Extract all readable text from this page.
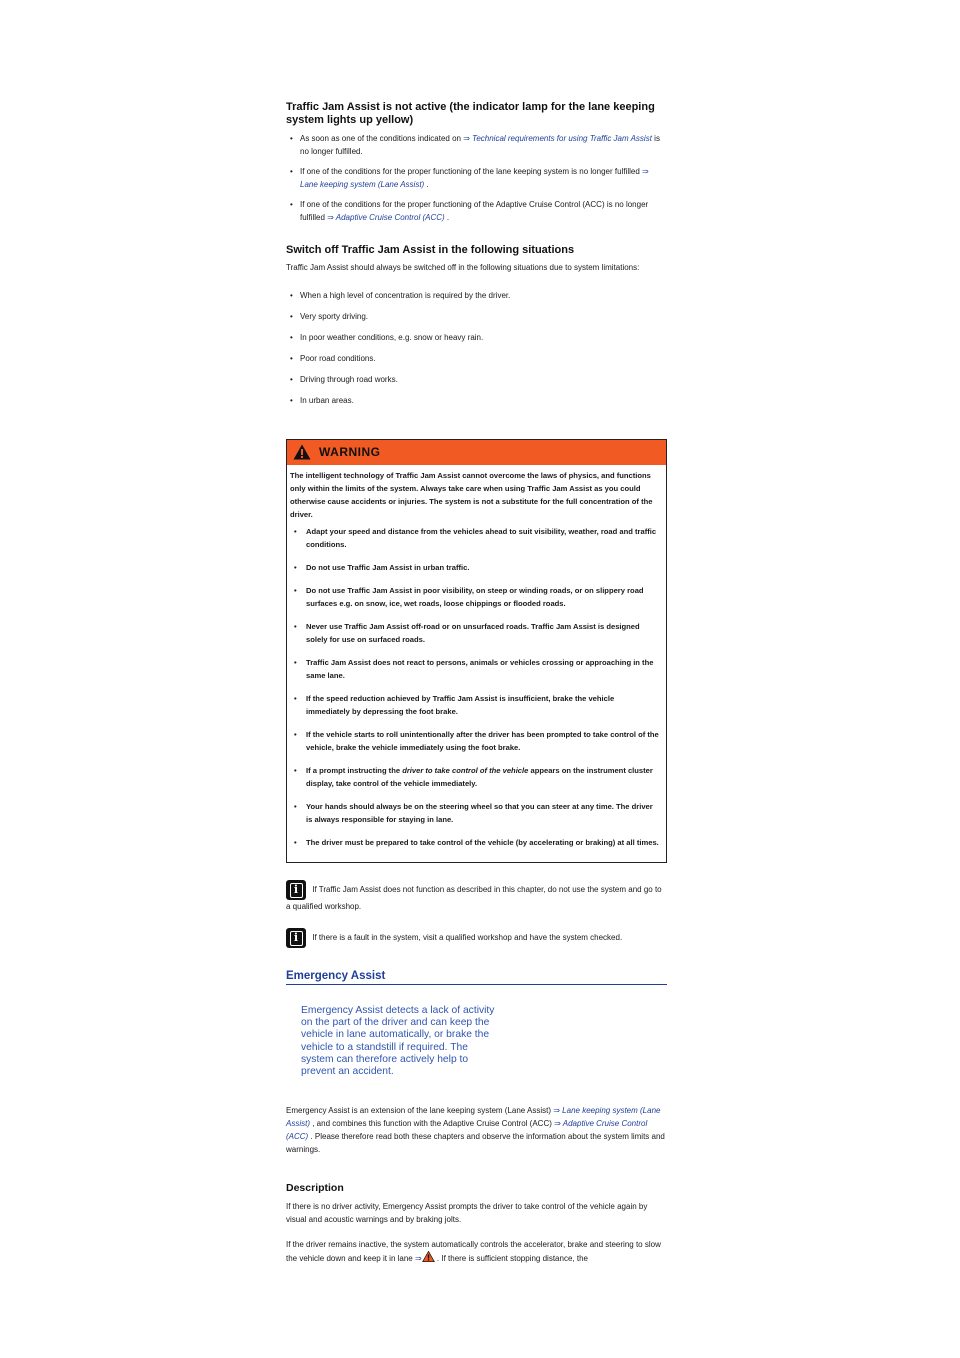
Traffic Jam Assist is not active (the indicator lamp for the lane keeping system lights up yellow)
• As soon as one of the conditions indicated on ⇒ Technical requirements for using Traffic Jam Assist is no longer fulfilled.
• If one of the conditions for the proper functioning of the lane keeping system is no longer fulfilled ⇒ Lane keeping system (Lane Assist) .
• If one of the conditions for the proper functioning of the Adaptive Cruise Control (ACC) is no longer fulfilled ⇒ Adaptive Cruise Control (ACC) .
Switch off Traffic Jam Assist in the following situations

Traffic Jam Assist should always be switched off in the following situations due to system limitations:

• When a high level of concentration is required by the driver.
• Very sporty driving.
• In poor weather conditions, e.g. snow or heavy rain.
• Poor road conditions.
• Driving through road works.
• In urban areas.
WARNING

The intelligent technology of Traffic Jam Assist cannot overcome the laws of physics, and functions only within the limits of the system. Always take care when using Traffic Jam Assist as you could otherwise cause accidents or injuries. The system is not a substitute for the full concentration of the driver.

• Adapt your speed and distance from the vehicles ahead to suit visibility, weather, road and traffic conditions.
• Do not use Traffic Jam Assist in urban traffic.
• Do not use Traffic Jam Assist in poor visibility, on steep or winding roads, or on slippery road surfaces e.g. on snow, ice, wet roads, loose chippings or flooded roads.
• Never use Traffic Jam Assist off-road or on unsurfaced roads. Traffic Jam Assist is designed solely for use on surfaced roads.
• Traffic Jam Assist does not react to persons, animals or vehicles crossing or approaching in the same lane.
• If the speed reduction achieved by Traffic Jam Assist is insufficient, brake the vehicle immediately by depressing the foot brake.
• If the vehicle starts to roll unintentionally after the driver has been prompted to take control of the vehicle, brake the vehicle immediately using the foot brake.
• If a prompt instructing the driver to take control of the vehicle appears on the instrument cluster display, take control of the vehicle immediately.
• Your hands should always be on the steering wheel so that you can steer at any time. The driver is always responsible for staying in lane.
• The driver must be prepared to take control of the vehicle (by accelerating or braking) at all times.

i If Traffic Jam Assist does not function as described in this chapter, do not use the system and go to a qualified workshop.

i If there is a fault in the system, visit a qualified workshop and have the system checked.

Emergency Assist
Emergency Assist detects a lack of activity on the part of the driver and can keep the vehicle in lane automatically, or brake the vehicle to a standstill if required. The system can therefore actively help to prevent an accident.

Emergency Assist is an extension of the lane keeping system (Lane Assist) ⇒ Lane keeping system (Lane Assist) , and combines this function with the Adaptive Cruise Control (ACC) ⇒ Adaptive Cruise Control (ACC) . Please therefore read both these chapters and observe the information about the system limits and warnings.

Description

If there is no driver activity, Emergency Assist prompts the driver to take control of the vehicle again by visual and acoustic warnings and by braking jolts.

If the driver remains inactive, the system automatically controls the accelerator, brake and steering to slow the vehicle down and keep it in lane ⇒ . If there is sufficient stopping distance, the
